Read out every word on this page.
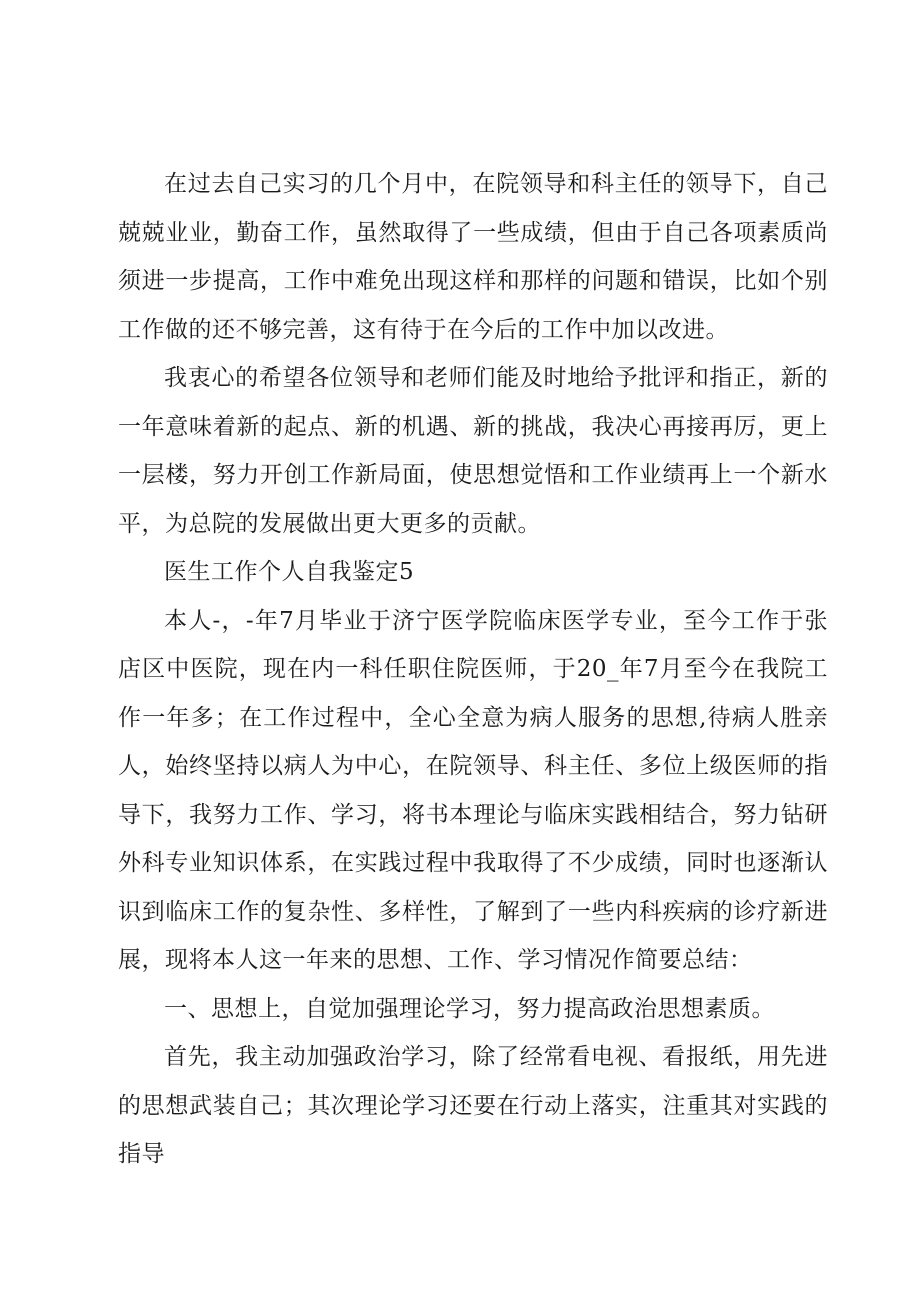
在过去自己实习的几个月中，在院领导和科主任的领导下，自己兢兢业业，勤奋工作，虽然取得了一些成绩，但由于自己各项素质尚须进一步提高，工作中难免出现这样和那样的问题和错误，比如个别工作做的还不够完善，这有待于在今后的工作中加以改进。

我衷心的希望各位领导和老师们能及时地给予批评和指正，新的一年意味着新的起点、新的机遇、新的挑战，我决心再接再厉，更上一层楼，努力开创工作新局面，使思想觉悟和工作业绩再上一个新水平，为总院的发展做出更大更多的贡献。

医生工作个人自我鉴定5

本人-，-年7月毕业于济宁医学院临床医学专业，至今工作于张店区中医院，现在内一科任职住院医师，于20_年7月至今在我院工作一年多；在工作过程中，全心全意为病人服务的思想,待病人胜亲人，始终坚持以病人为中心，在院领导、科主任、多位上级医师的指导下，我努力工作、学习，将书本理论与临床实践相结合，努力钻研外科专业知识体系，在实践过程中我取得了不少成绩，同时也逐渐认识到临床工作的复杂性、多样性，了解到了一些内科疾病的诊疗新进展，现将本人这一年来的思想、工作、学习情况作简要总结：

一、思想上，自觉加强理论学习，努力提高政治思想素质。

首先，我主动加强政治学习，除了经常看电视、看报纸，用先进的思想武装自己；其次理论学习还要在行动上落实，注重其对实践的指导
